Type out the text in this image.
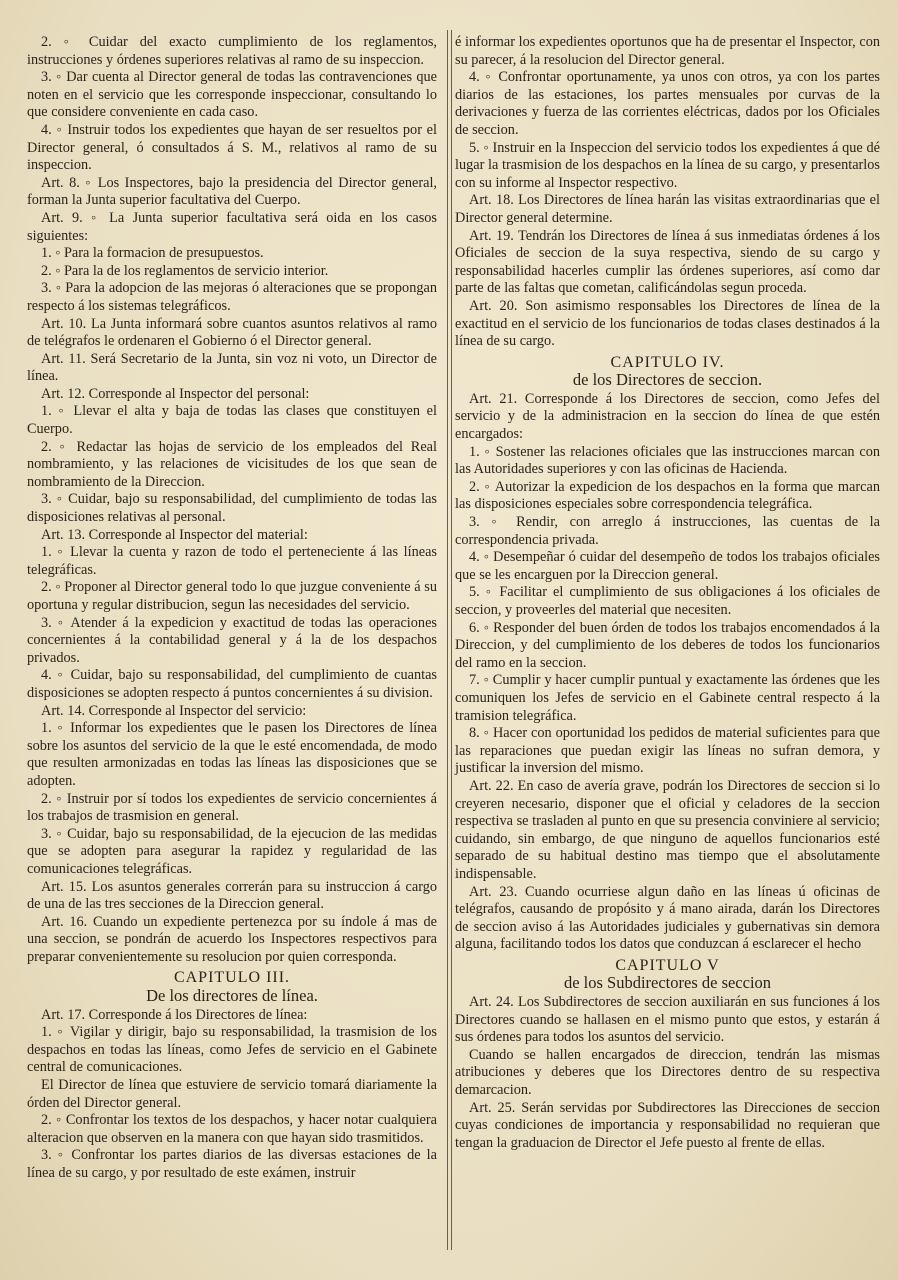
2. ◦ Cuidar del exacto cumplimiento de los reglamentos, instrucciones y órdenes superiores relativas al ramo de su inspeccion.

3. ◦ Dar cuenta al Director general de todas las contravenciones que noten en el servicio que les corresponde inspeccionar, consultando lo que considere conveniente en cada caso.

4. ◦ Instruir todos los expedientes que hayan de ser resueltos por el Director general, ó consultados á S. M., relativos al ramo de su inspeccion.

Art. 8. ◦ Los Inspectores, bajo la presidencia del Director general, forman la Junta superior facultativa del Cuerpo.

Art. 9. ◦ La Junta superior facultativa será oida en los casos siguientes:

1. ◦ Para la formacion de presupuestos.

2. ◦ Para la de los reglamentos de servicio interior.

3. ◦ Para la adopcion de las mejoras ó alteraciones que se propongan respecto á los sistemas telegráficos.

Art. 10. La Junta informará sobre cuantos asuntos relativos al ramo de telégrafos le ordenaren el Gobierno ó el Director general.

Art. 11. Será Secretario de la Junta, sin voz ni voto, un Director de línea.

Art. 12. Corresponde al Inspector del personal:

1. ◦ Llevar el alta y baja de todas las clases que constituyen el Cuerpo.

2. ◦ Redactar las hojas de servicio de los empleados del Real nombramiento, y las relaciones de vicisitudes de los que sean de nombramiento de la Direccion.

3. ◦ Cuidar, bajo su responsabilidad, del cumplimiento de todas las disposiciones relativas al personal.

Art. 13. Corresponde al Inspector del material:

1. ◦ Llevar la cuenta y razon de todo el perteneciente á las líneas telegráficas.

2. ◦ Proponer al Director general todo lo que juzgue conveniente á su oportuna y regular distribucion, segun las necesidades del servicio.

3. ◦ Atender á la expedicion y exactitud de todas las operaciones concernientes á la contabilidad general y á la de los despachos privados.

4. ◦ Cuidar, bajo su responsabilidad, del cumplimiento de cuantas disposiciones se adopten respecto á puntos concernientes á su division.

Art. 14. Corresponde al Inspector del servicio:

1. ◦ Informar los expedientes que le pasen los Directores de línea sobre los asuntos del servicio de la que le esté encomendada, de modo que resulten armonizadas en todas las líneas las disposiciones que se adopten.

2. ◦ Instruir por sí todos los expedientes de servicio concernientes á los trabajos de trasmision en general.

3. ◦ Cuidar, bajo su responsabilidad, de la ejecucion de las medidas que se adopten para asegurar la rapidez y regularidad de las comunicaciones telegráficas.

Art. 15. Los asuntos generales correrán para su instruccion á cargo de una de las tres secciones de la Direccion general.

Art. 16. Cuando un expediente pertenezca por su índole á mas de una seccion, se pondrán de acuerdo los Inspectores respectivos para preparar convenientemente su resolucion por quien corresponda.

CAPITULO III.

De los directores de línea.

Art. 17. Corresponde á los Directores de línea:

1. ◦ Vigilar y dirigir, bajo su responsabilidad, la trasmision de los despachos en todas las líneas, como Jefes de servicio en el Gabinete central de comunicaciones.

El Director de línea que estuviere de servicio tomará diariamente la órden del Director general.

2. ◦ Confrontar los textos de los despachos, y hacer notar cualquiera alteracion que observen en la manera con que hayan sido trasmitidos.

3. ◦ Confrontar los partes diarios de las diversas estaciones de la línea de su cargo, y por resultado de este exámen, instruir

é informar los expedientes oportunos que ha de presentar el Inspector, con su parecer, á la resolucion del Director general.

4. ◦ Confrontar oportunamente, ya unos con otros, ya con los partes diarios de las estaciones, los partes mensuales por curvas de la derivaciones y fuerza de las corrientes eléctricas, dados por los Oficiales de seccion.

5. ◦ Instruir en la Inspeccion del servicio todos los expedientes á que dé lugar la trasmision de los despachos en la línea de su cargo, y presentarlos con su informe al Inspector respectivo.

Art. 18. Los Directores de línea harán las visitas extraordinarias que el Director general determine.

Art. 19. Tendrán los Directores de línea á sus inmediatas órdenes á los Oficiales de seccion de la suya respectiva, siendo de su cargo y responsabilidad hacerles cumplir las órdenes superiores, así como dar parte de las faltas que cometan, calificándolas segun proceda.

Art. 20. Son asimismo responsables los Directores de línea de la exactitud en el servicio de los funcionarios de todas clases destinados á la línea de su cargo.

CAPITULO IV.

de los Directores de seccion.

Art. 21. Corresponde á los Directores de seccion, como Jefes del servicio y de la administracion en la seccion do línea de que estén encargados:

1. ◦ Sostener las relaciones oficiales que las instrucciones marcan con las Autoridades superiores y con las oficinas de Hacienda.

2. ◦ Autorizar la expedicion de los despachos en la forma que marcan las disposiciones especiales sobre correspondencia telegráfica.

3. ◦ Rendir, con arreglo á instrucciones, las cuentas de la correspondencia privada.

4. ◦ Desempeñar ó cuidar del desempeño de todos los trabajos oficiales que se les encarguen por la Direccion general.

5. ◦ Facilitar el cumplimiento de sus obligaciones á los oficiales de seccion, y proveerles del material que necesiten.

6. ◦ Responder del buen órden de todos los trabajos encomendados á la Direccion, y del cumplimiento de los deberes de todos los funcionarios del ramo en la seccion.

7. ◦ Cumplir y hacer cumplir puntual y exactamente las órdenes que les comuniquen los Jefes de servicio en el Gabinete central respecto á la tramision telegráfica.

8. ◦ Hacer con oportunidad los pedidos de material suficientes para que las reparaciones que puedan exigir las líneas no sufran demora, y justificar la inversion del mismo.

Art. 22. En caso de avería grave, podrán los Directores de seccion si lo creyeren necesario, disponer que el oficial y celadores de la seccion respectiva se trasladen al punto en que su presencia conviniere al servicio; cuidando, sin embargo, de que ninguno de aquellos funcionarios esté separado de su habitual destino mas tiempo que el absolutamente indispensable.

Art. 23. Cuando ocurriese algun daño en las líneas ú oficinas de telégrafos, causando de propósito y á mano airada, darán los Directores de seccion aviso á las Autoridades judiciales y gubernativas sin demora alguna, facilitando todos los datos que conduzcan á esclarecer el hecho

CAPITULO V

de los Subdirectores de seccion

Art. 24. Los Subdirectores de seccion auxiliarán en sus funciones á los Directores cuando se hallasen en el mismo punto que estos, y estarán á sus órdenes para todos los asuntos del servicio.

Cuando se hallen encargados de direccion, tendrán las mismas atribuciones y deberes que los Directores dentro de su respectiva demarcacion.

Art. 25. Serán servidas por Subdirectores las Direcciones de seccion cuyas condiciones de importancia y responsabilidad no requieran que tengan la graduacion de Director el Jefe puesto al frente de ellas.
